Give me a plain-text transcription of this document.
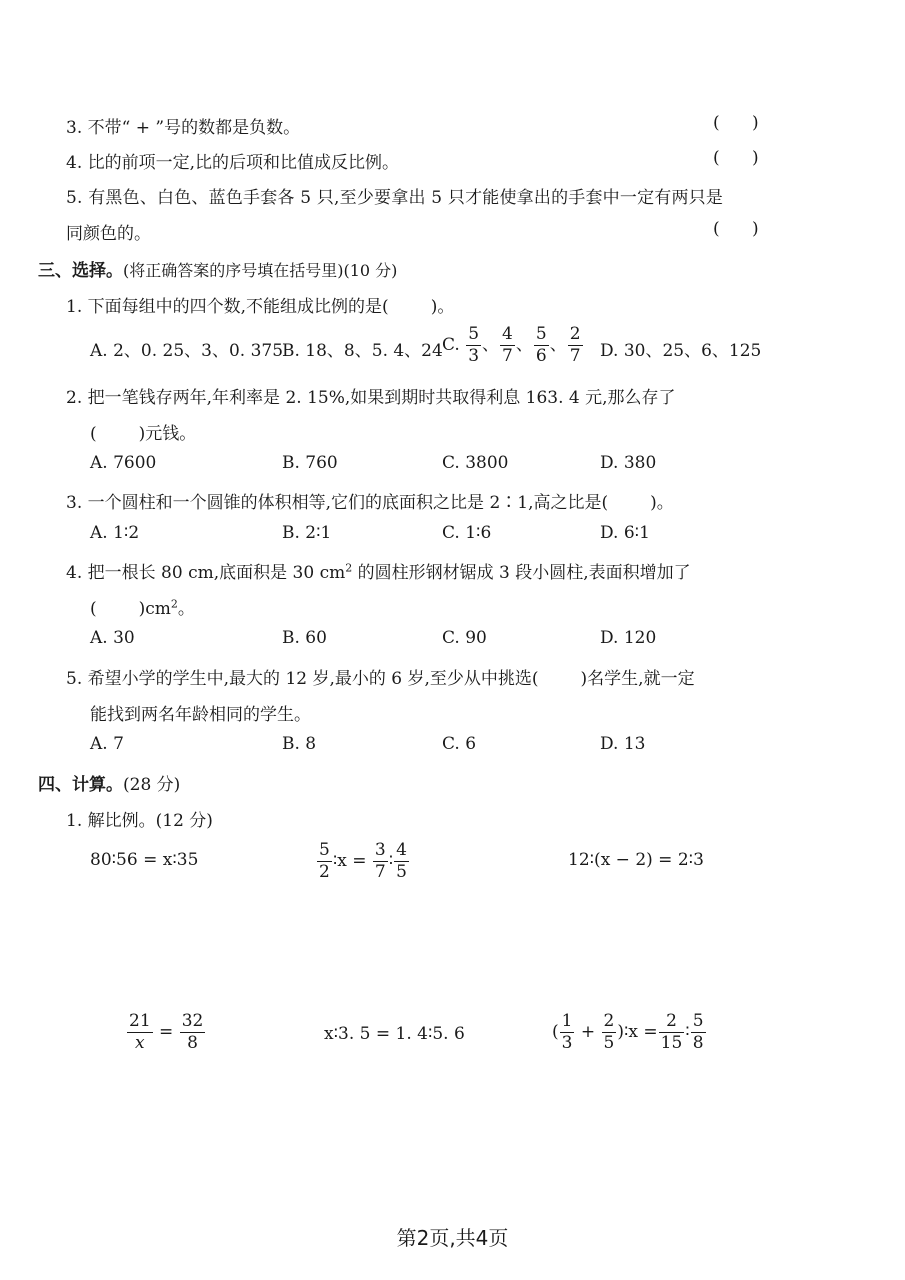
3. 不带“ + ”号的数都是负数。	(      )
4. 比的前项一定,比的后项和比值成反比例。	(      )
5. 有黑色、白色、蓝色手套各 5 只,至少要拿出 5 只才能使拿出的手套中一定有两只是
同颜色的。	(      )
三、选择。(将正确答案的序号填在括号里)(10 分)
1. 下面每组中的四个数,不能组成比例的是( )。
A. 2、0. 25、3、0. 375
B. 18、8、5. 4、24 C. $\frac{5}{3}$ 、 $\frac{4}{7}$ 、 $\frac{5}{6}$ 、 $\frac{2}{7} D$. 30、25、6、125
2. 把一笔钱存两年,年利率是 2. 15%,如果到期时共取得利息 163. 4 元,那么存了
( )元钱。
A. 7600	B. 760	C. 3800	D. 380
3. 一个圆柱和一个圆锥的体积相等,它们的底面积之比是 2∶1,高之比是( )。
A. 1∶2	B. 2∶1	C. 1∶6	D. 6∶1
4. 把一根长 80 cm,底面积是 30 $cm^2$ 的圆柱形钢材锯成 3 段小圆柱,表面积增加了
( )$cm^2$。
A. 30	B. 60	C. 90	D. 120
5. 希望小学的学生中,最大的 12 岁,最小的 6 岁,至少从中挑选( )名学生,就一定
能找到两名年龄相同的学生。
A. 7	B. 8	C. 6	D. 13
四、计算。(28 分)
1. 解比例。(12 分)
80∶56 = x∶35	$\frac{5}{2}$ ∶x = $\frac{3}{7}$ ∶ $\frac{4}{5}$	12∶(x − 2) = 2∶3
$\frac{21}{x} = \frac{32}{8}$	x∶3. 5 = 1. 4∶5. 6	( $\frac{1}{3} + \frac{2}{5}$ )∶x = $\frac{2}{15}$ ∶ $\frac{5}{8}$
第2页,共4页
